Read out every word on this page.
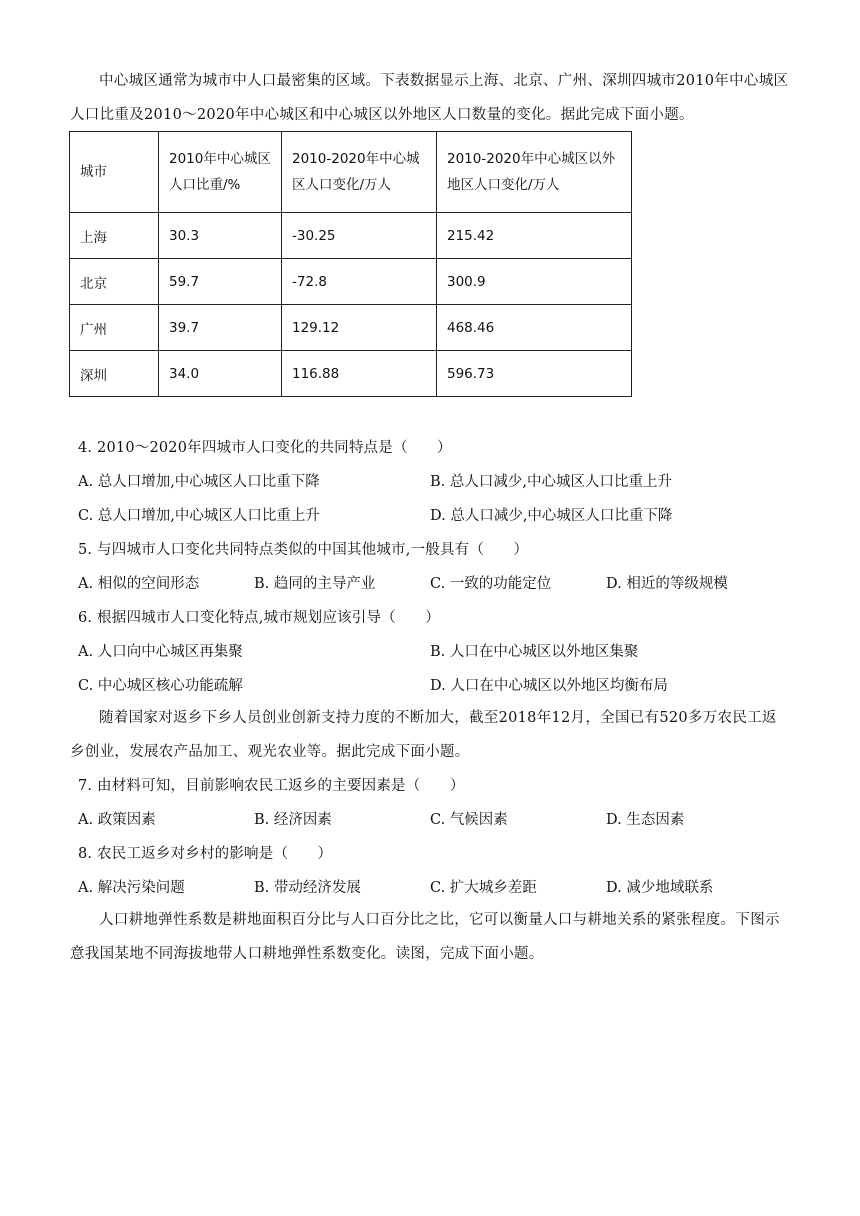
中心城区通常为城市中人口最密集的区域。下表数据显示上海、北京、广州、深圳四城市2010年中心城区人口比重及2010～2020年中心城区和中心城区以外地区人口数量的变化。据此完成下面小题。

城市	2010年中心城区人口比重/%	2010-2020年中心城区人口变化/万人	2010-2020年中心城区以外地区人口变化/万人
上海	30.3	-30.25	215.42
北京	59.7	-72.8	300.9
广州	39.7	129.12	468.46
深圳	34.0	116.88	596.73

4. 2010～2020年四城市人口变化的共同特点是（　　）

A. 总人口增加,中心城区人口比重下降	B. 总人口减少,中心城区人口比重上升

C. 总人口增加,中心城区人口比重上升	D. 总人口减少,中心城区人口比重下降

5. 与四城市人口变化共同特点类似的中国其他城市,一般具有（　　）

A. 相似的空间形态	B. 趋同的主导产业	C. 一致的功能定位	D. 相近的等级规模

6. 根据四城市人口变化特点,城市规划应该引导（　　）

A. 人口向中心城区再集聚	B. 人口在中心城区以外地区集聚

C. 中心城区核心功能疏解	D. 人口在中心城区以外地区均衡布局

随着国家对返乡下乡人员创业创新支持力度的不断加大，截至2018年12月，全国已有520多万农民工返乡创业，发展农产品加工、观光农业等。据此完成下面小题。

7. 由材料可知，目前影响农民工返乡的主要因素是（　　）

A. 政策因素	B. 经济因素	C. 气候因素	D. 生态因素

8. 农民工返乡对乡村的影响是（　　）

A. 解决污染问题	B. 带动经济发展	C. 扩大城乡差距	D. 减少地域联系

人口耕地弹性系数是耕地面积百分比与人口百分比之比，它可以衡量人口与耕地关系的紧张程度。下图示意我国某地不同海拔地带人口耕地弹性系数变化。读图，完成下面小题。
